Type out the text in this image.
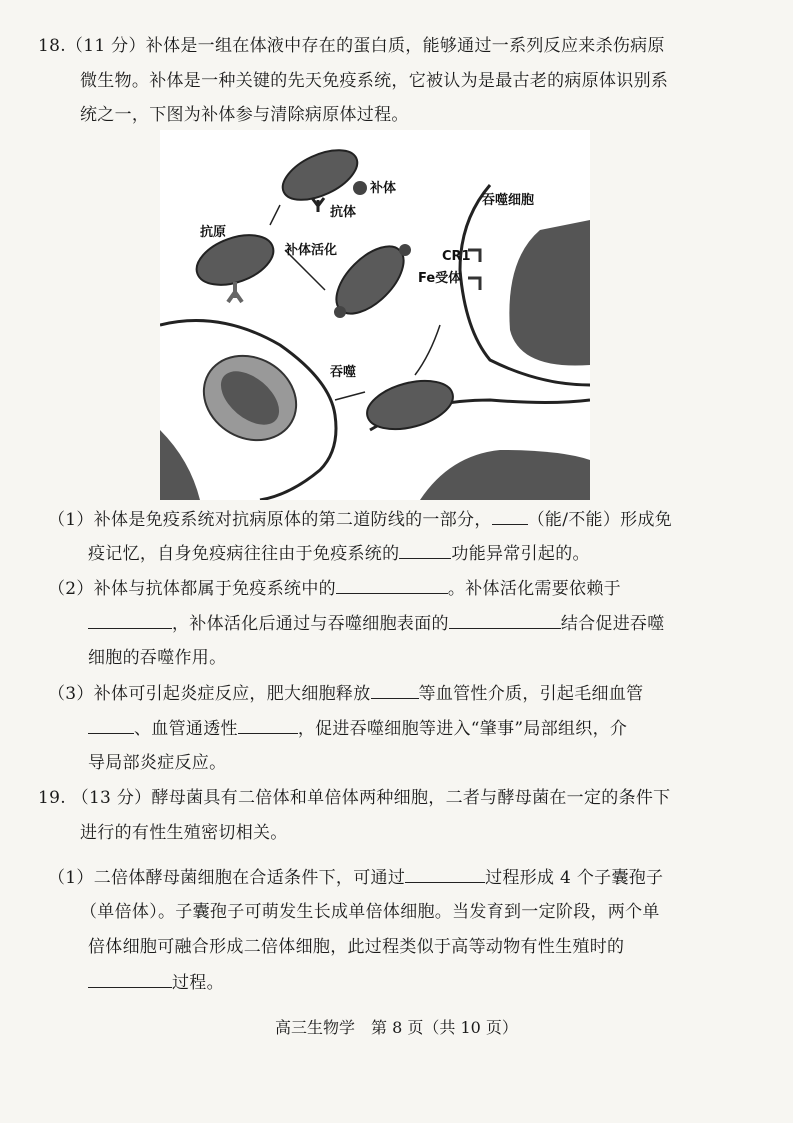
18.（11 分）补体是一组在体液中存在的蛋白质，能够通过一系列反应来杀伤病原
微生物。补体是一种关键的先天免疫系统，它被认为是最古老的病原体识别系
统之一，下图为补体参与清除病原体过程。
补体
抗体
抗原
补体活化
吞噬细胞
CR1
Fe受体
吞噬
（1）补体是免疫系统对抗病原体的第二道防线的一部分， （能/不能）形成免
疫记忆，自身免疫病往往由于免疫系统的	功能异常引起的。
（2）补体与抗体都属于免疫系统中的	。补体活化需要依赖于
，补体活化后通过与吞噬细胞表面的	结合促进吞噬
细胞的吞噬作用。
（3）补体可引起炎症反应，肥大细胞释放	等血管性介质，引起毛细血管
、血管通透性	，促进吞噬细胞等进入“肇事”局部组织，介
导局部炎症反应。
19. （13 分）酵母菌具有二倍体和单倍体两种细胞，二者与酵母菌在一定的条件下
进行的有性生殖密切相关。
（1）二倍体酵母菌细胞在合适条件下，可通过	过程形成 4 个子囊孢子
（单倍体）。子囊孢子可萌发生长成单倍体细胞。当发育到一定阶段，两个单
倍体细胞可融合形成二倍体细胞，此过程类似于高等动物有性生殖时的
过程。
高三生物学　第 8 页（共 10 页）
